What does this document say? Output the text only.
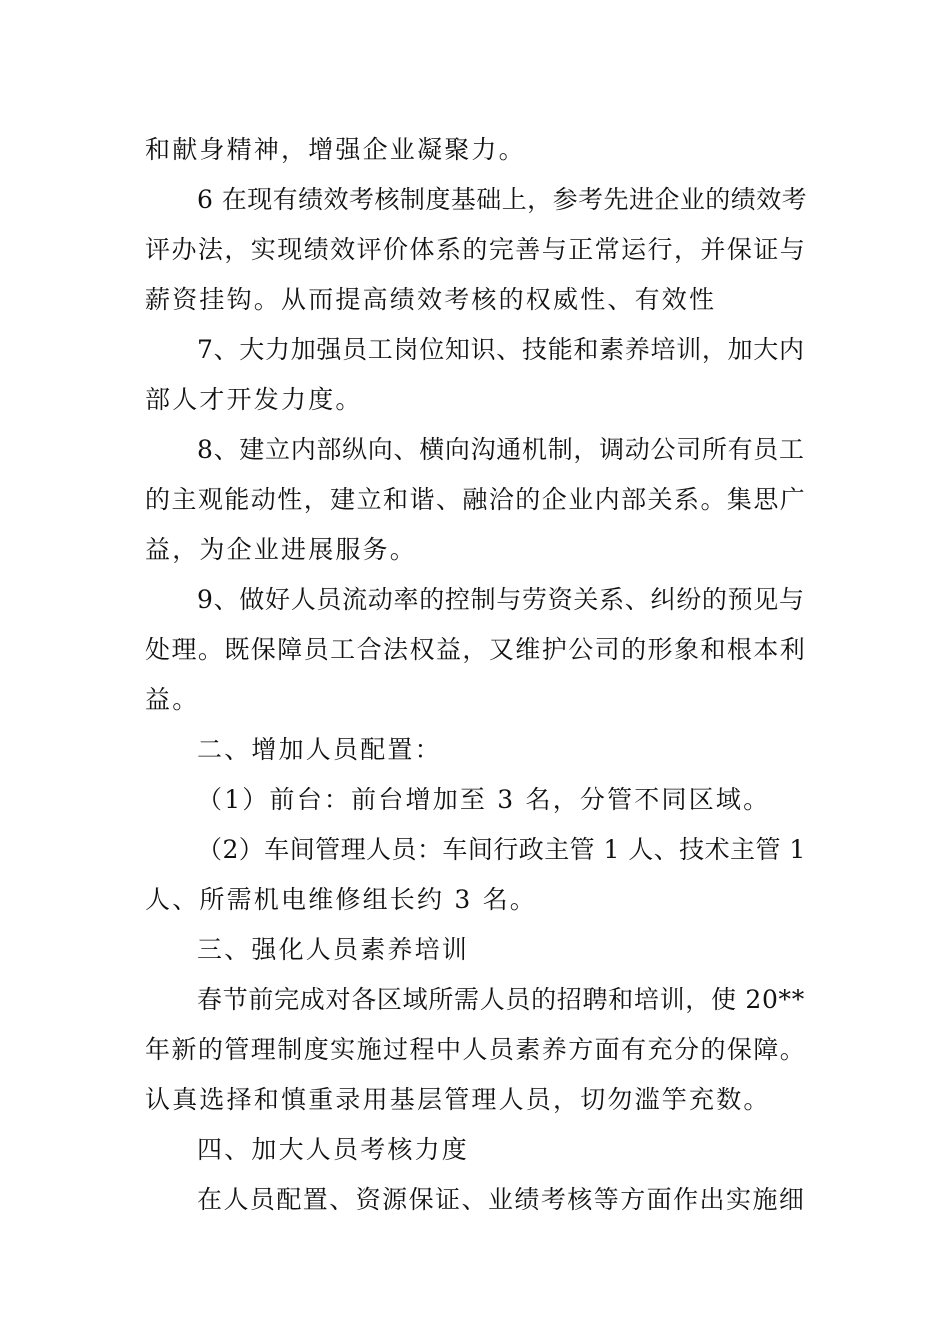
和献身精神，增强企业凝聚力。
6 在现有绩效考核制度基础上，参考先进企业的绩效考
评办法，实现绩效评价体系的完善与正常运行，并保证与
薪资挂钩。从而提高绩效考核的权威性、有效性
7、大力加强员工岗位知识、技能和素养培训，加大内
部人才开发力度。
8、建立内部纵向、横向沟通机制，调动公司所有员工
的主观能动性，建立和谐、融洽的企业内部关系。集思广
益，为企业进展服务。
9、做好人员流动率的控制与劳资关系、纠纷的预见与
处理。既保障员工合法权益，又维护公司的形象和根本利
益。
二、增加人员配置：
（1）前台：前台增加至 3 名，分管不同区域。
（2）车间管理人员：车间行政主管 1 人、技术主管 1
人、所需机电维修组长约 3 名。
三、强化人员素养培训
春节前完成对各区域所需人员的招聘和培训，使 20**
年新的管理制度实施过程中人员素养方面有充分的保障。
认真选择和慎重录用基层管理人员，切勿滥竽充数。
四、加大人员考核力度
在人员配置、资源保证、业绩考核等方面作出实施细
